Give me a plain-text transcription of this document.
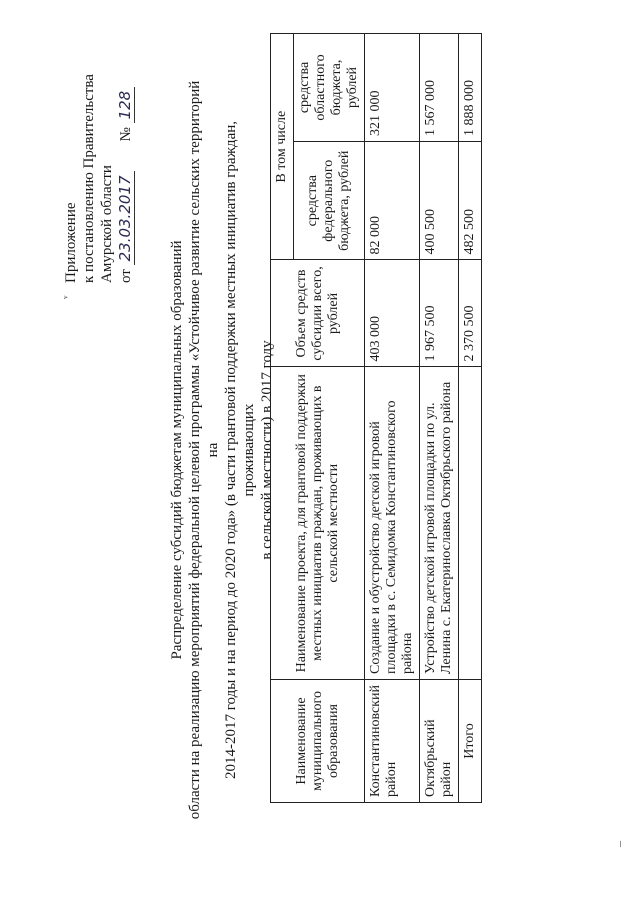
Приложение к постановлению Правительства Амурской области от 23.03.2017        № 128
Распределение субсидий бюджетам муниципальных образований области на реализацию мероприятий федеральной целевой программы «Устойчивое развитие сельских территорий на 2014-2017 годы и на период до 2020 года» (в части грантовой поддержки местных инициатив граждан, проживающих в сельской местности) в 2017 году
Наименование муниципального образования	Наименование проекта, для грантовой поддержки местных инициатив граждан, проживающих в сельской местности	Объем средств субсидии всего, рублей	В том числе	
			средства федерального бюджета, рублей	средства областного бюджета, рублей
Константиновский район	Создание и обустройство детской игровой площадки в с. Семидомка Константиновского района	403 000	82 000	321 000
Октябрьский район	Устройство детской игровой площадки по ул. Ленина с. Екатеринославка Октябрьского района	1 967 500	400 500	1 567 000
Итого		2 370 500	482 500	1 888 000
–
ᵛ
